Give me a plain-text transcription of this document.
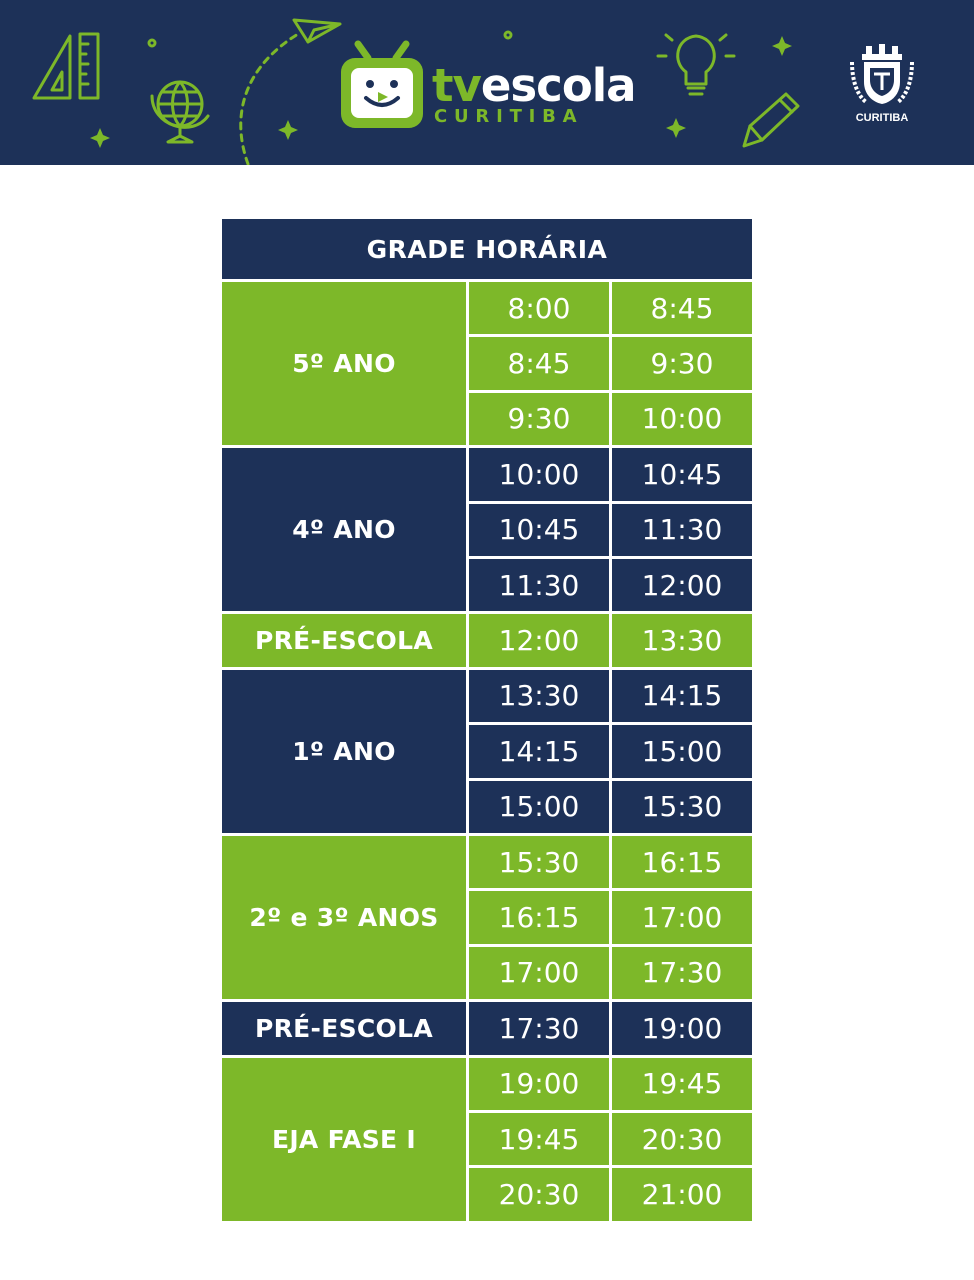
tvescola
CURITIBA	CURITIBA
GRADE HORÁRIA
5º ANO
8:00	8:45
8:45	9:30
9:30	10:00
4º ANO
10:00	10:45
10:45	11:30
11:30	12:00
PRÉ-ESCOLA	12:00	13:30
1º ANO
13:30	14:15
14:15	15:00
15:00	15:30
2º e 3º ANOS
15:30	16:15
16:15	17:00
17:00	17:30
PRÉ-ESCOLA	17:30	19:00
EJA FASE I
19:00	19:45
19:45	20:30
20:30	21:00
